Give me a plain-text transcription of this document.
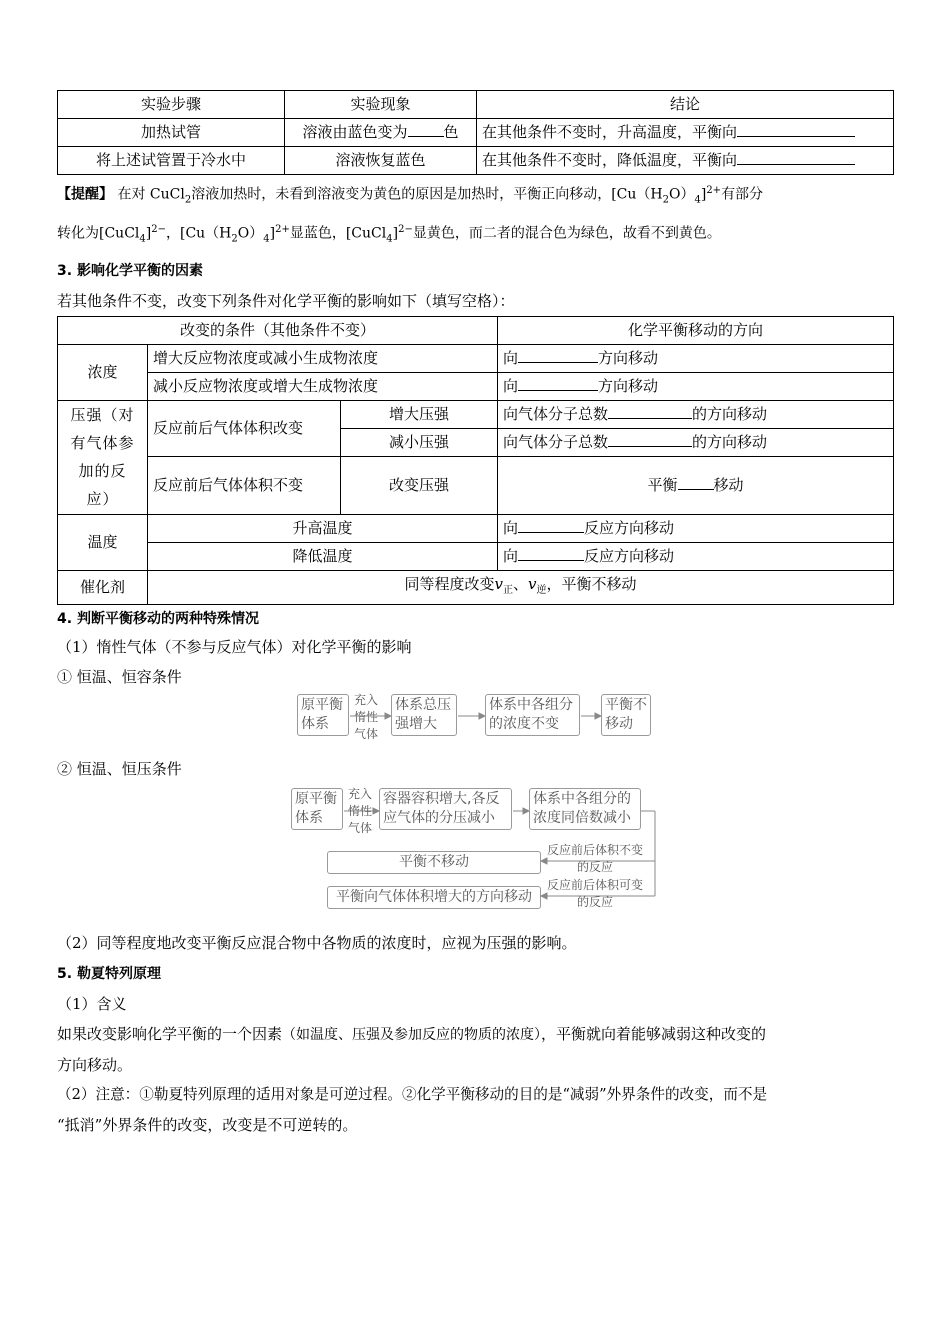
实验步骤	实验现象	结论
加热试管	溶液由蓝色变为 色	在其他条件不变时，升高温度，平衡向
将上述试管置于冷水中	溶液恢复蓝色	在其他条件不变时，降低温度，平衡向

【提醒】 在对 CuCl$_2$溶液加热时，未看到溶液变为黄色的原因是加热时，平衡正向移动，$[Cu(H_2O)_4]^{2+}$有部分

转化为[CuCl$_4$]$^{2-}$，$[Cu(H_2O)_4]^{2+}$显蓝色，[CuCl$_4$]$^{2-}$显黄色，而二者的混合色为绿色，故看不到黄色。

3. 影响化学平衡的因素

若其他条件不变，改变下列条件对化学平衡的影响如下（填写空格）：

改变的条件（其他条件不变）			化学平衡移动的方向
浓度	增大反应物浓度或减小生成物浓度		向 方向移动
	减小反应物浓度或增大生成物浓度		向 方向移动

压强（对有气体参加的反应）	反应前后气体体积改变	增大压强	向气体分子总数 的方向移动
		减小压强	向气体分子总数 的方向移动
	反应前后气体体积不变	改变压强	平衡 移动
温度	升高温度		向 反应方向移动
	降低温度		向 反应方向移动
催化剂	同等程度改变$v_正$、$v_逆$，平衡不移动		

4. 判断平衡移动的两种特殊情况

（1）惰性气体（不参与反应气体）对化学平衡的影响

① 恒温、恒容条件

原平衡体系
充入惰性气体
体系总压强增大
体系中各组分的浓度不变
平衡不移动

② 恒温、恒压条件

原平衡体系
充入惰性气体
容器容积增大,各反应气体的分压减小
体系中各组分的浓度同倍数减小
反应前后体积不变的反应
平衡不移动
反应前后体积可变的反应
平衡向气体体积增大的方向移动

（2）同等程度地改变平衡反应混合物中各物质的浓度时，应视为压强的影响。

5. 勒夏特列原理

（1）含义

如果改变影响化学平衡的一个因素（如温度、压强及参加反应的物质的浓度），平衡就向着能够减弱这种改变的

方向移动。

（2）注意：①勒夏特列原理的适用对象是可逆过程。②化学平衡移动的目的是“减弱”外界条件的改变，而不是

“抵消”外界条件的改变，改变是不可逆转的。
